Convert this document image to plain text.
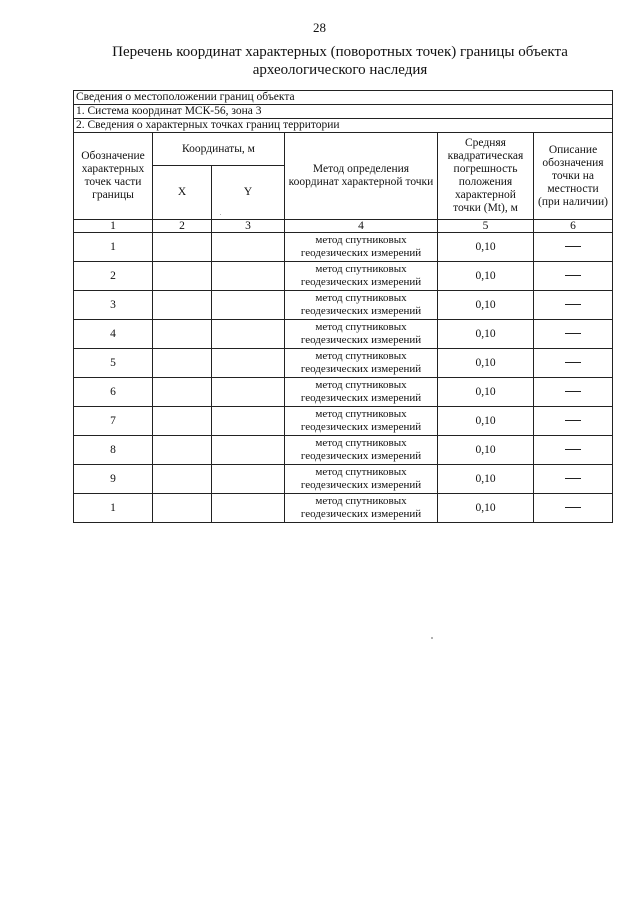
28
Перечень координат характерных (поворотных точек) границы объекта
археологического наследия
Сведения о местоположении границ объекта					
1. Система координат МСК-56, зона 3					
2. Сведения о характерных точках границ территории					
Обозначение характерных точек части границы	Координаты, м		Метод определения координат характерной точки	Средняя квадратическая погрешность положения характерной точки (Mt), м	Описание обозначения точки на местности (при наличии)
	X	Y			
1	2	3	4	5	6
1			метод спутниковых геодезических измерений	0,10	
2			метод спутниковых геодезических измерений	0,10	
3			метод спутниковых геодезических измерений	0,10	
4			метод спутниковых геодезических измерений	0,10	
5			метод спутниковых геодезических измерений	0,10	
6			метод спутниковых геодезических измерений	0,10	
7			метод спутниковых геодезических измерений	0,10	
8			метод спутниковых геодезических измерений	0,10	
9			метод спутниковых геодезических измерений	0,10	
1			метод спутниковых геодезических измерений	0,10	
